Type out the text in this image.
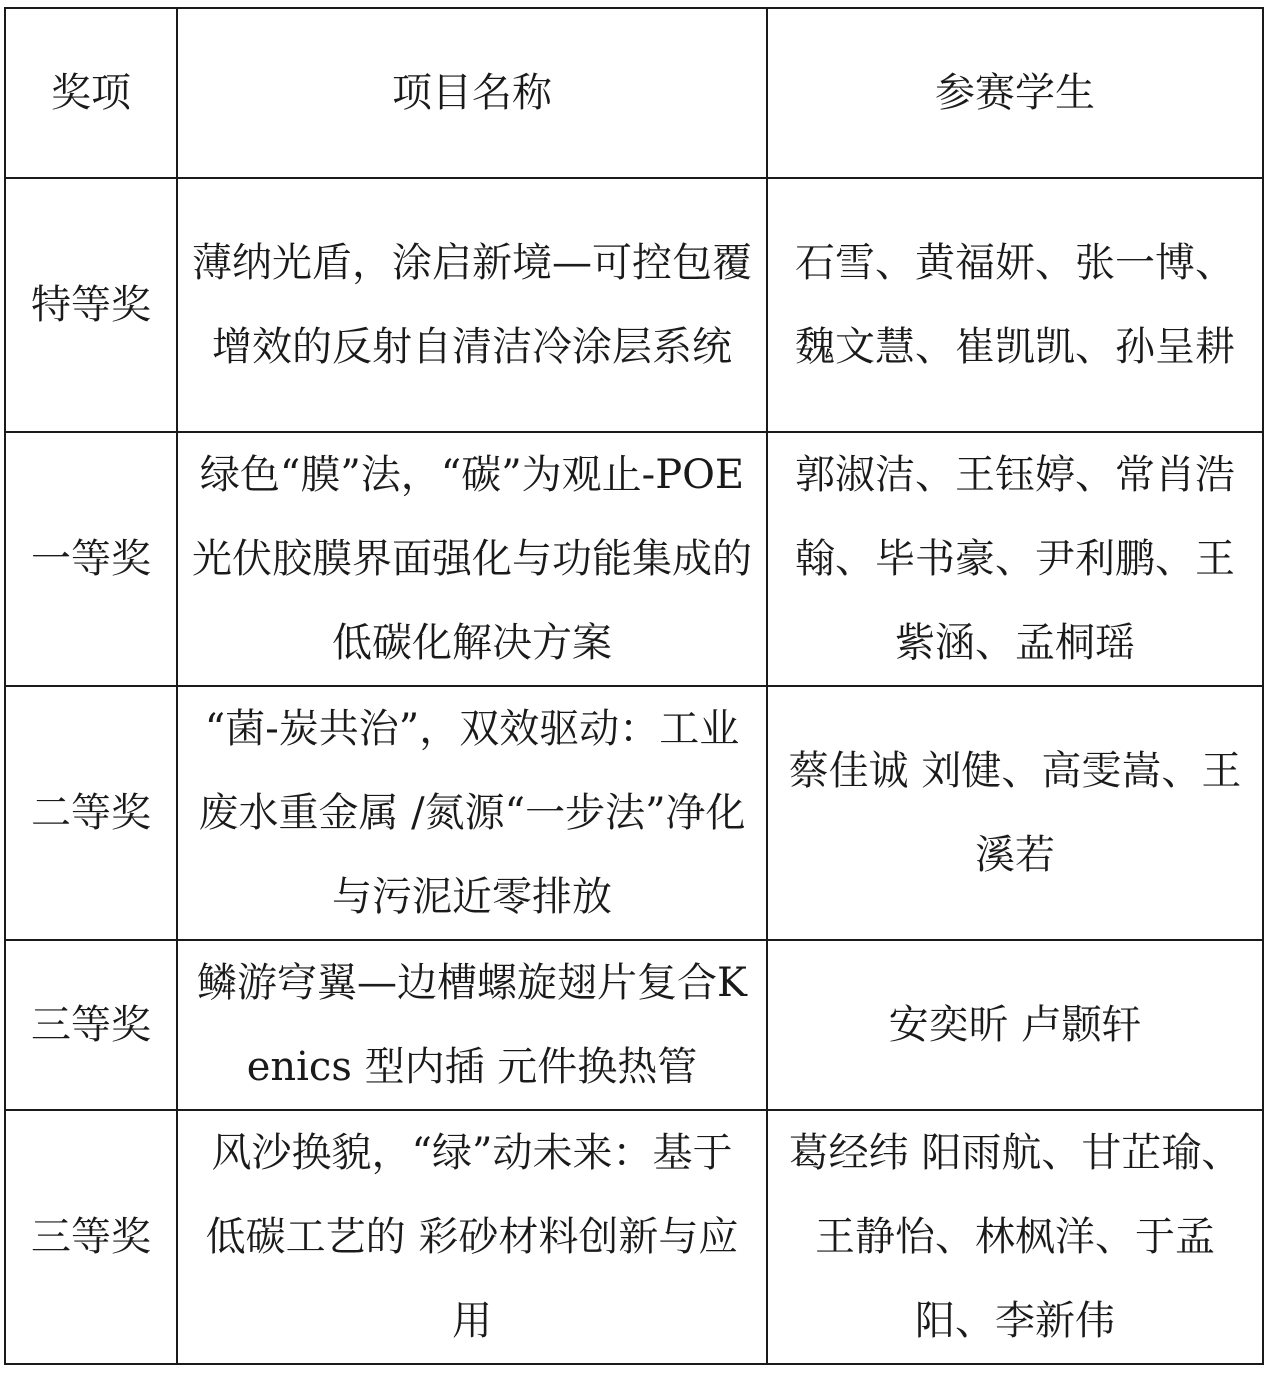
奖项	项目名称	参赛学生
特等奖	薄纳光盾，涂启新境—可控包覆增效的反射自清洁冷涂层系统	石雪、黄福妍、张一博、魏文慧、崔凯凯、孙呈耕
一等奖	绿色“膜”法，“碳”为观止-POE光伏胶膜界面强化与功能集成的低碳化解决方案	郭淑洁、王钰婷、常肖浩翰、毕书豪、尹利鹏、王紫涵、孟桐瑶
二等奖	“菌-炭共治”，双效驱动：工业废水重金属 /氮源“一步法”净化与污泥近零排放	蔡佳诚 刘健、高雯嵩、王溪若
三等奖	鳞游穹翼—边槽螺旋翅片复合Kenics 型内插 元件换热管	安奕昕 卢颢轩
三等奖	风沙换貌，“绿”动未来：基于低碳工艺的 彩砂材料创新与应用	葛经纬 阳雨航、甘芷瑜、王静怡、林枫洋、于孟阳、李新伟
